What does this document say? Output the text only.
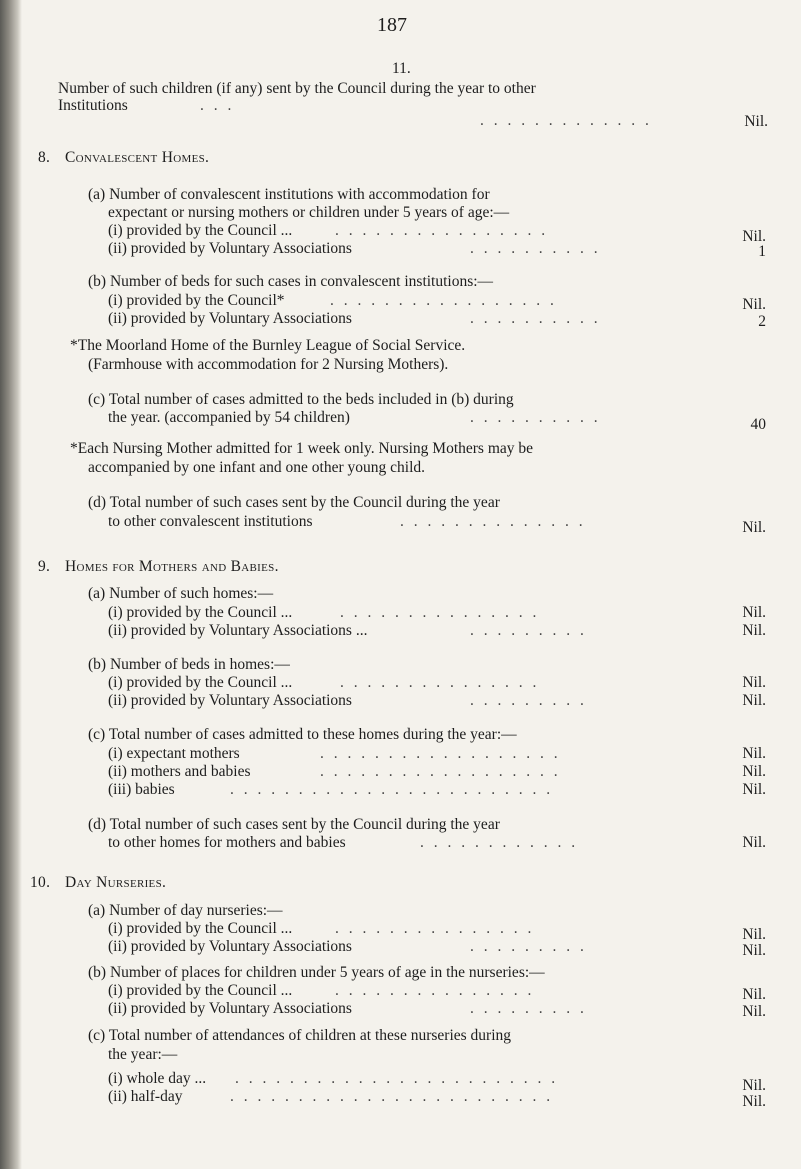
187
11.
Number of such children (if any) sent by the Council during the year to other
Institutions	. . .
. . . . . . . . . . . . .	Nil.
8. Convalescent Homes.
(a) Number of convalescent institutions with accommodation for
expectant or nursing mothers or children under 5 years of age:—
(i) provided by the Council ...	. . . . . . . . . . . . . . . .	Nil.
(ii) provided by Voluntary Associations	. . . . . . . . . .	1
(b) Number of beds for such cases in convalescent institutions:—
(i) provided by the Council*	. . . . . . . . . . . . . . . . .	Nil.
(ii) provided by Voluntary Associations	. . . . . . . . . .	2
*The Moorland Home of the Burnley League of Social Service.
(Farmhouse with accommodation for 2 Nursing Mothers).
(c) Total number of cases admitted to the beds included in (b) during
the year. (accompanied by 54 children)	. . . . . . . . . .	40
*Each Nursing Mother admitted for 1 week only. Nursing Mothers may be
accompanied by one infant and one other young child.
(d) Total number of such cases sent by the Council during the year
to other convalescent institutions	. . . . . . . . . . . . . .	Nil.
9. Homes for Mothers and Babies.
(a) Number of such homes:—
(i) provided by the Council ...	. . . . . . . . . . . . . . .	Nil.
(ii) provided by Voluntary Associations ...	. . . . . . . . .	Nil.
(b) Number of beds in homes:—
(i) provided by the Council ...	. . . . . . . . . . . . . . .	Nil.
(ii) provided by Voluntary Associations	. . . . . . . . .	Nil.
(c) Total number of cases admitted to these homes during the year:—
(i) expectant mothers	. . . . . . . . . . . . . . . . . .	Nil.
(ii) mothers and babies	. . . . . . . . . . . . . . . . . .	Nil.
(iii) babies	. . . . . . . . . . . . . . . . . . . . . . . .	Nil.
(d) Total number of such cases sent by the Council during the year
to other homes for mothers and babies	. . . . . . . . . . . .	Nil.
10. Day Nurseries.
(a) Number of day nurseries:—
(i) provided by the Council ...	. . . . . . . . . . . . . . .	Nil.
(ii) provided by Voluntary Associations	. . . . . . . . .	Nil.
(b) Number of places for children under 5 years of age in the nurseries:—
(i) provided by the Council ...	. . . . . . . . . . . . . . .	Nil.
(ii) provided by Voluntary Associations	. . . . . . . . .	Nil.
(c) Total number of attendances of children at these nurseries during
the year:—
(i) whole day ... . . . . . . . . . . . . . . . . . . . . . . . .	Nil.
(ii) half-day	. . . . . . . . . . . . . . . . . . . . . . . .	Nil.
